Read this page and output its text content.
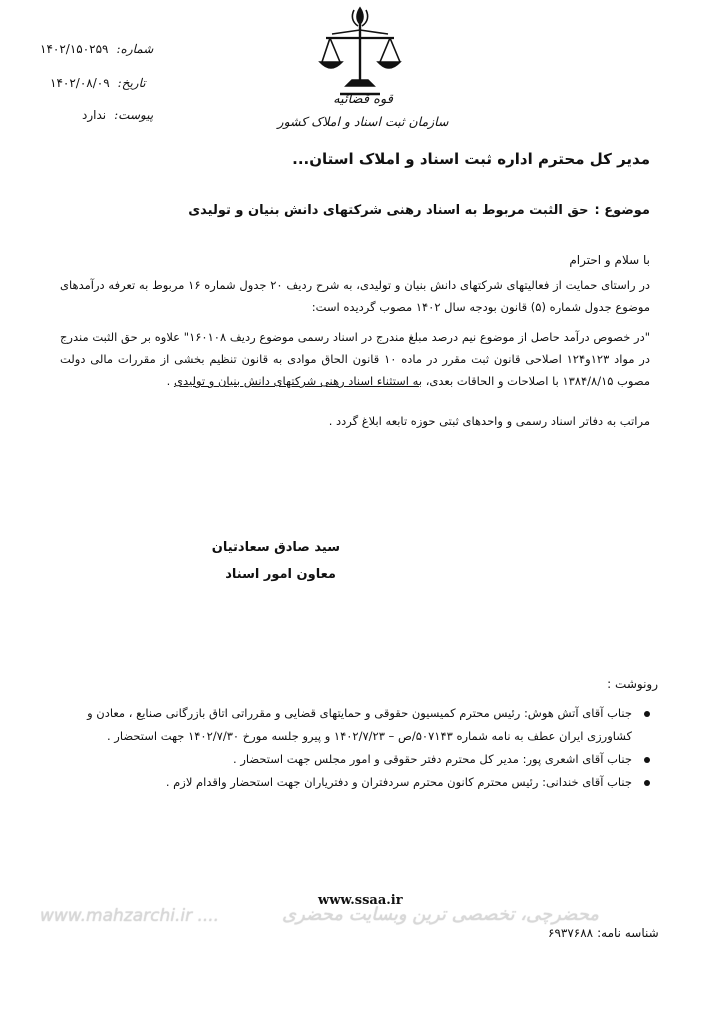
شماره:
۱۴۰۲/۱۵۰۲۵۹
تاریخ:
۱۴۰۲/۰۸/۰۹
پیوست:
ندارد
قوه قضائیه
سازمان ثبت اسناد و املاک کشور
مدیر کل محترم اداره ثبت اسناد و املاک استان...
موضوع :
حق الثبت مربوط به اسناد رهنی شرکتهای دانش بنیان و تولیدی
با سلام و احترام
در راستای حمایت از فعالیتهای شرکتهای دانش بنیان و تولیدی، به شرح ردیف ۲۰ جدول شماره ۱۶ مربوط به تعرفه درآمدهای موضوع جدول شماره (۵) قانون بودجه سال ۱۴۰۲ مصوب گردیده است:
"در خصوص درآمد حاصل از موضوع نیم درصد مبلغ مندرج در اسناد رسمی موضوع ردیف ۱۶۰۱۰۸" علاوه بر حق الثبت مندرج در مواد ۱۲۳و۱۲۴ اصلاحی قانون ثبت مقرر در ماده ۱۰ قانون الحاق موادی به قانون تنظیم بخشی از مقررات مالی دولت مصوب ۱۳۸۴/۸/۱۵ با اصلاحات و الحاقات بعدی، به استثناء اسناد رهنی شرکتهای دانش بنیان و تولیدی .
مراتب به دفاتر اسناد رسمی و واحدهای ثبتی حوزه تابعه ابلاغ گردد .
سید صادق سعادتیان
معاون امور اسناد
رونوشت :
جناب آقای آتش هوش: رئیس محترم کمیسیون حقوقی و حمایتهای قضایی و مقرراتی اتاق بازرگانی صنایع ، معادن و کشاورزی ایران عطف به نامه شماره ۵۰۷۱۴۳/ص – ۱۴۰۲/۷/۲۳ و پیرو جلسه مورخ ۱۴۰۲/۷/۳۰ جهت استحضار .
جناب آقای اشعری پور: مدیر کل محترم دفتر حقوقی و امور مجلس جهت استحضار .
جناب آقای خندانی: رئیس محترم کانون محترم سردفتران و دفتریاران جهت استحضار واقدام لازم .
www.ssaa.ir
شناسه نامه:
۶۹۳۷۶۸۸
www.mahzarchi.ir ....	محضرچی، تخصصی ترین وبسایت محضری
